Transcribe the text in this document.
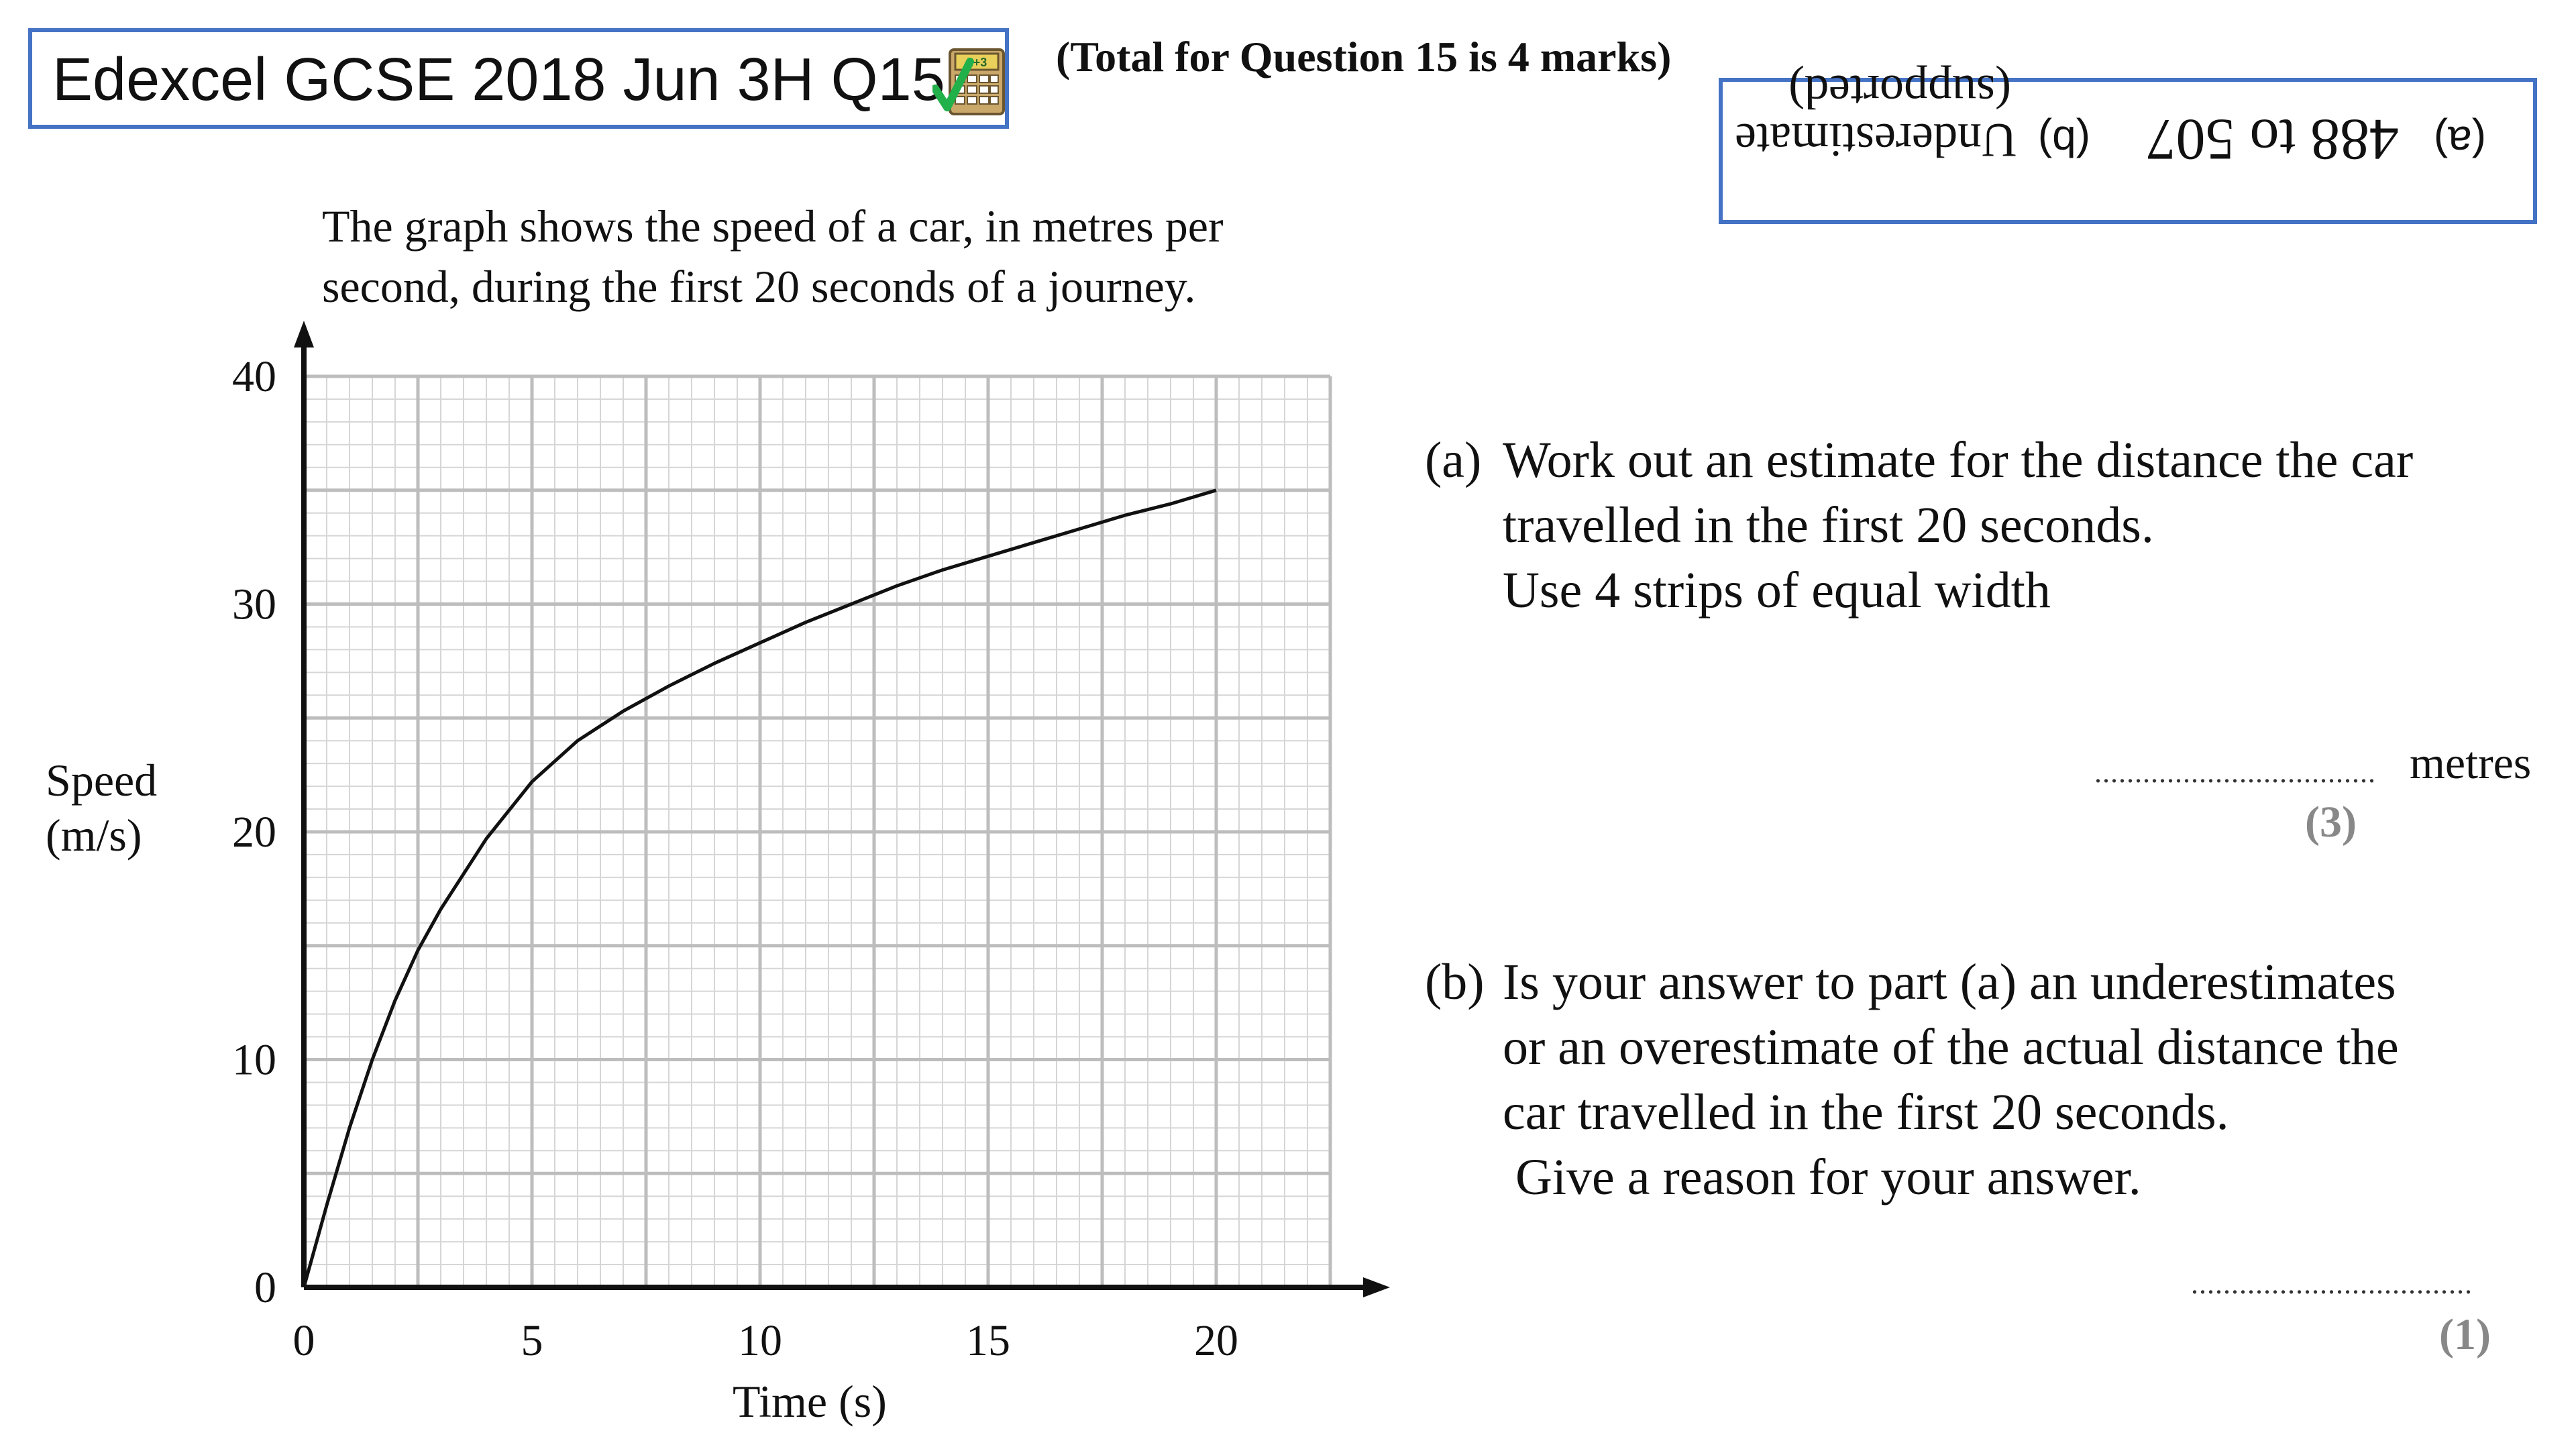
Edexcel GCSE 2018 Jun 3H Q15 2+3 (Total for Question 15 is 4 marks)
(a)
488 to 507
(b)
Underestimate
(supported)
The graph shows the speed of a car, in metres per
second, during the first 20 seconds of a journey.
Speed
(m/s)
0	5	10	15	20
0
10
20
30
40
Time (s)
(a) Work out an estimate for the distance the car
travelled in the first 20 seconds.
Use 4 strips of equal width
................................... metres
(3)
(b) Is your answer to part (a) an underestimates
or an overestimate of the actual distance the
car travelled in the first 20 seconds.
Give a reason for your answer.
...................................
(1)
